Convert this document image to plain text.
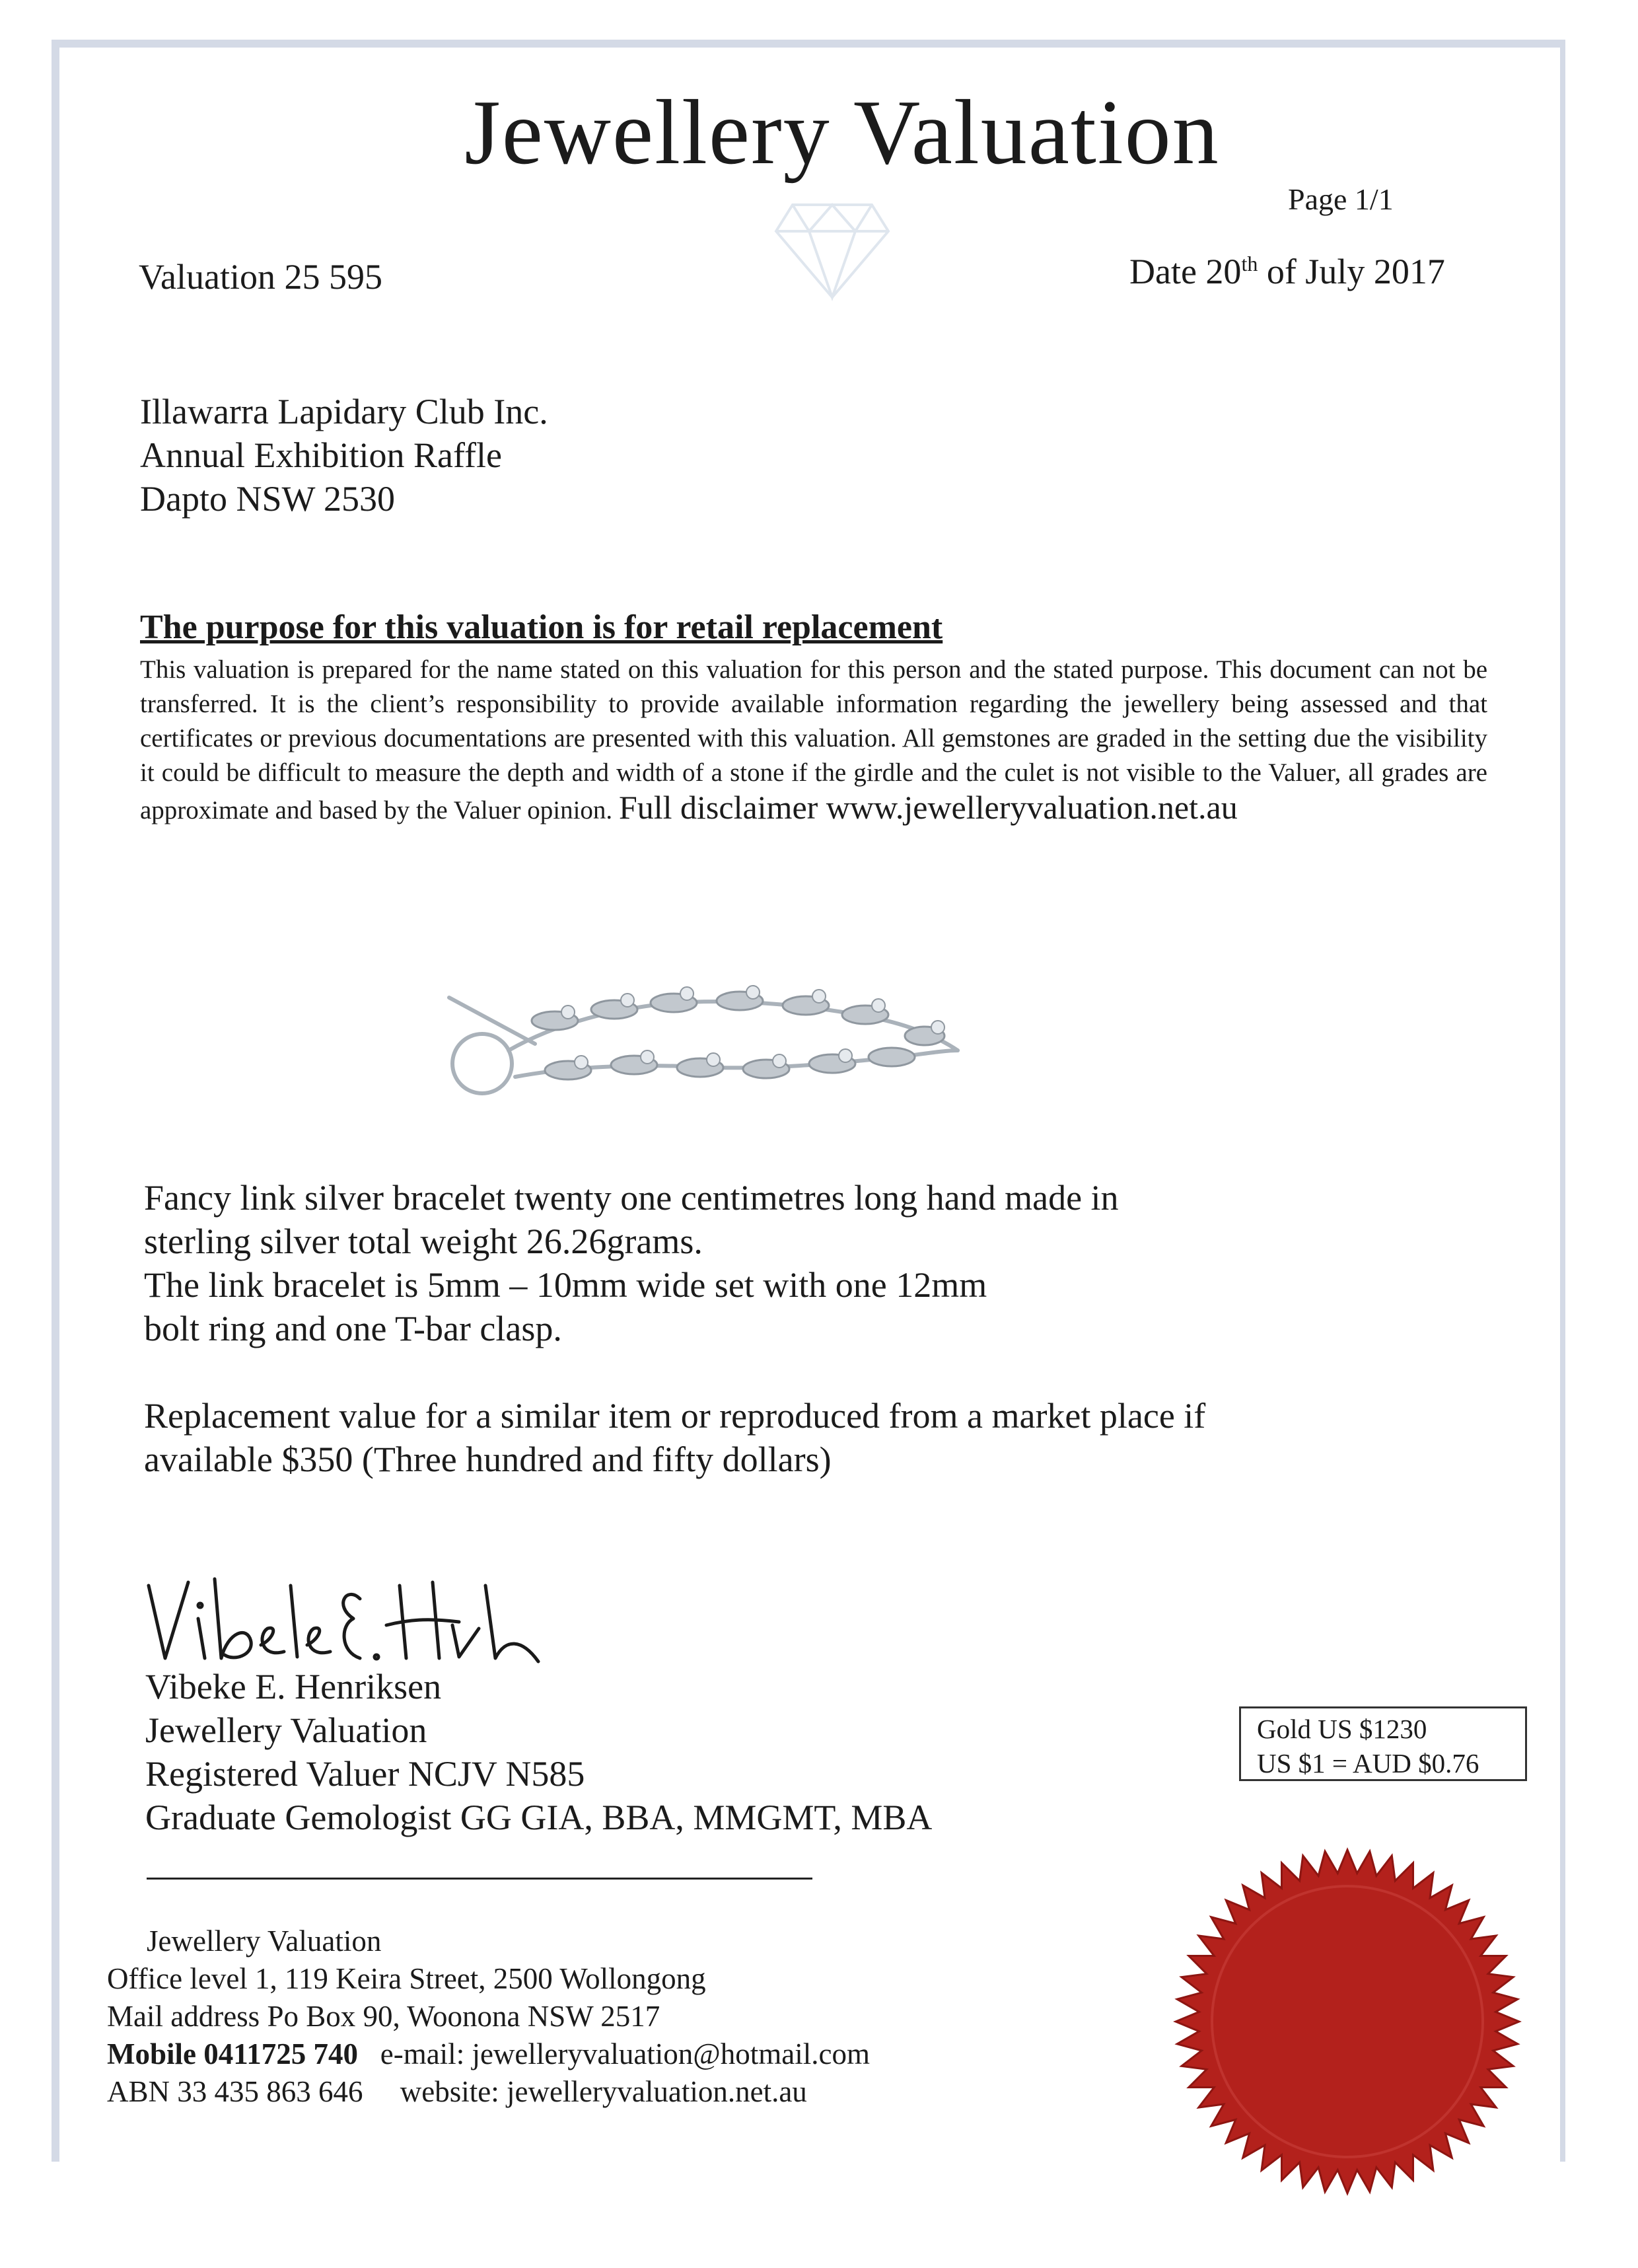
Jewellery Valuation
Page 1/1
Valuation 25 595	Date 20th of July 2017
Illawarra Lapidary Club Inc.
Annual Exhibition Raffle
Dapto NSW 2530
The purpose for this valuation is for retail replacement
This valuation is prepared for the name stated on this valuation for this person and the stated purpose. This document can not be transferred. It is the client’s responsibility to provide available information regarding the jewellery being assessed and that certificates or previous documentations are presented with this valuation. All gemstones are graded in the setting due the visibility it could be difficult to measure the depth and width of a stone if the girdle and the culet is not visible to the Valuer, all grades are approximate and based by the Valuer opinion. Full disclaimer www.jewelleryvaluation.net.au
Fancy link silver bracelet twenty one centimetres long hand made in
sterling silver total weight 26.26grams.
The link bracelet is 5mm – 10mm wide set with one 12mm
bolt ring and one T-bar clasp.
Replacement value for a similar item or reproduced from a market place if
available $350 (Three hundred and fifty dollars)
Vibeke E. Henriksen
Jewellery Valuation
Registered Valuer NCJV N585
Graduate Gemologist GG GIA, BBA, MMGMT, MBA
Gold US $1230
US $1 = AUD $0.76
Jewellery Valuation
Office level 1, 119 Keira Street, 2500 Wollongong
Mail address Po Box 90, Woonona NSW 2517
Mobile 0411725 740 e-mail: jewelleryvaluation@hotmail.com
ABN 33 435 863 646 website: jewelleryvaluation.net.au
